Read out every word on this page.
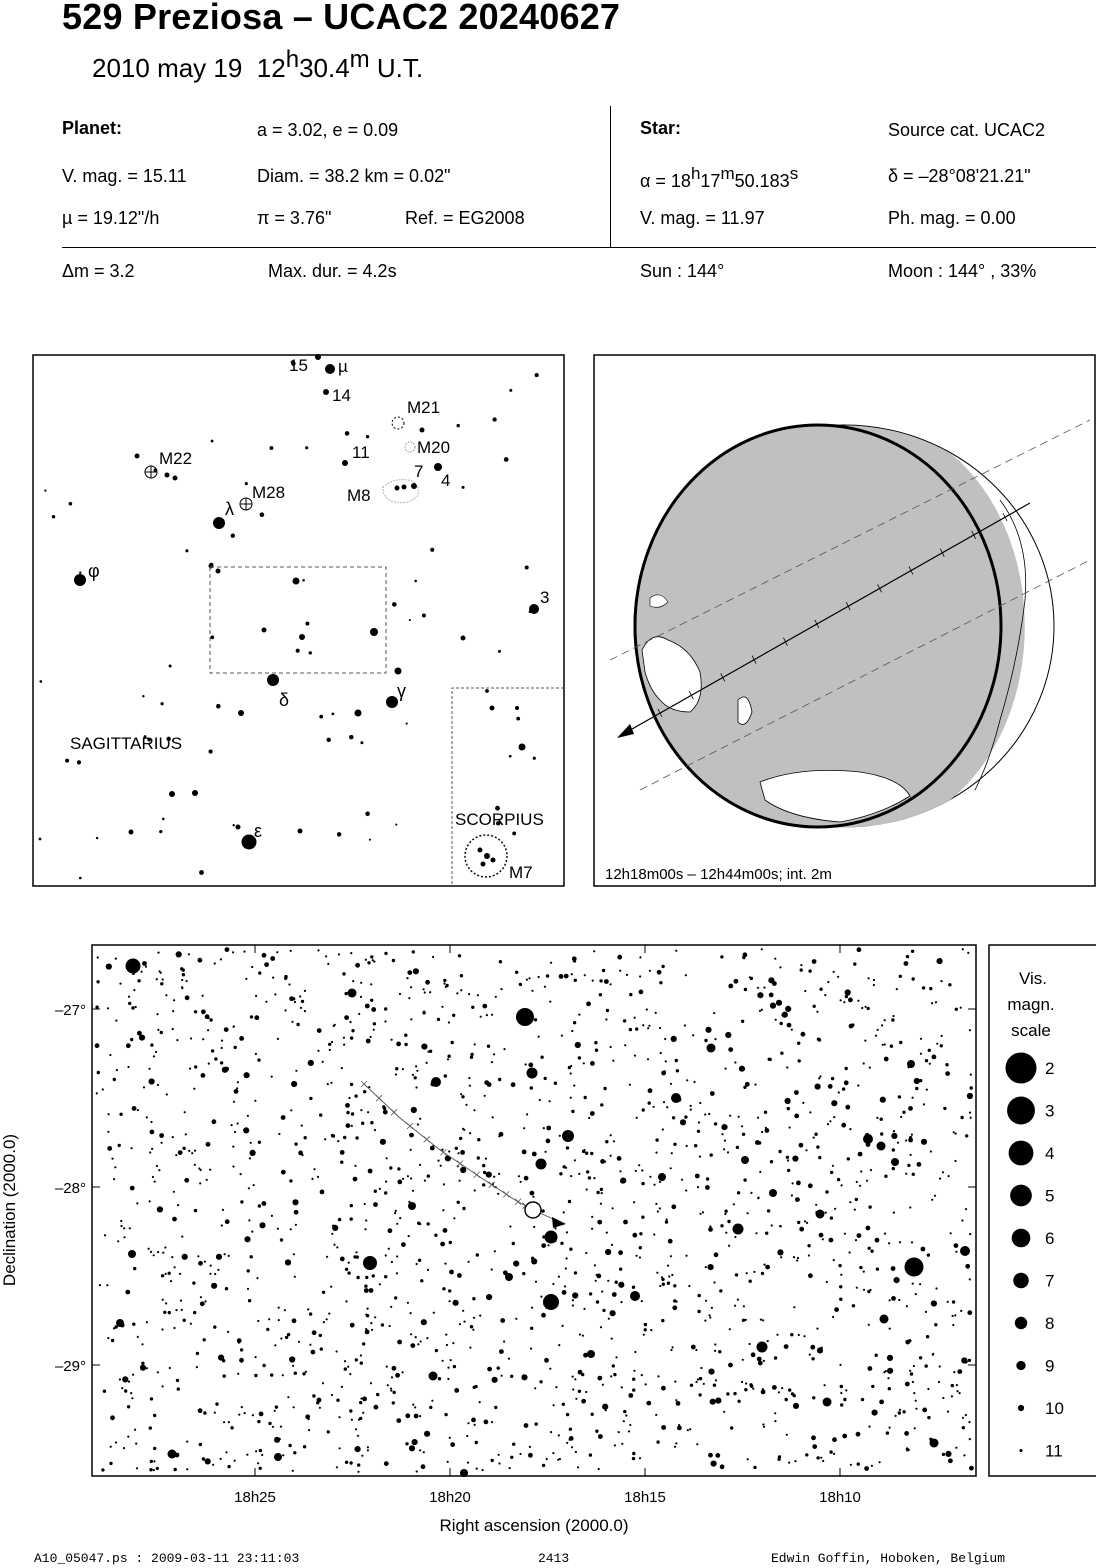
529 Preziosa – UCAC2 20240627
2010 may 19 12$^h$30.4$^m$ U.T.
Planet:	a = 3.02, e = 0.09
V. mag. = 15.11	Diam. = 38.2 km = 0.02"
µ = 19.12"/h	π = 3.76"	Ref. = EG2008
Star:	Source cat. UCAC2
$\alpha = 18^h17^m50.183^s$	δ = –28°08'21.21"
V. mag. = 11.97	Ph. mag. = 0.00
Δm = 3.2	Max. dur. = 4.2s	Sun : 144°	Moon : 144° , 33%
15 µ
14
M21
11	M20
7 4
M8
M22
λ
M28
φ
3
δ	γ
SAGITTARIUS
SCORPIUS
ε
M7	12h18m00s – 12h44m00s; int. 2m
–27°
–28°
–29°
18h25	18h20	18h15	18h10
Right ascension (2000.0)
Declination (2000.0)
Vis.
magn.
scale
2
3
4
5
6
7
8
9
10
11
A10_05047.ps : 2009-03-11 23:11:03	2413	Edwin Goffin, Hoboken, Belgium
